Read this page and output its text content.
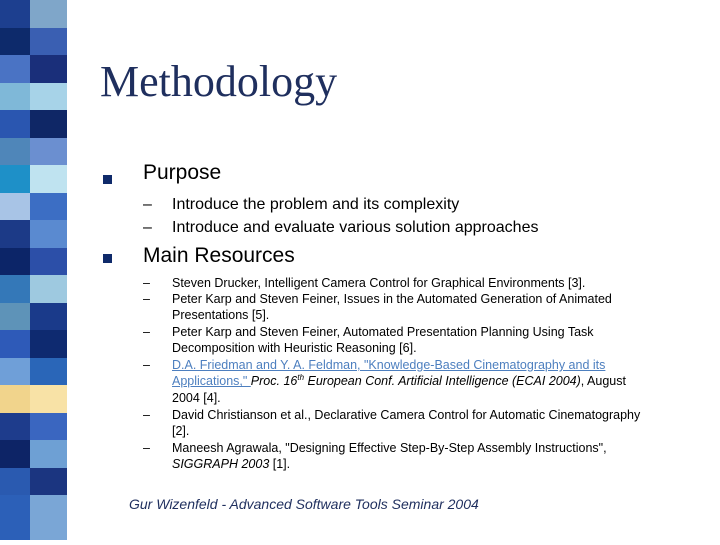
Methodology
Purpose
– Introduce the problem and its complexity
– Introduce and evaluate various solution approaches
Main Resources
–
–
–
–
–
–
Steven Drucker, Intelligent Camera Control for Graphical Environments [3].
Peter Karp and Steven Feiner, Issues in the Automated Generation of Animated
Presentations [5].
Peter Karp and Steven Feiner, Automated Presentation Planning Using Task
Decomposition with Heuristic Reasoning [6].
D.A. Friedman and Y. A. Feldman, "Knowledge-Based Cinematography and its
Applications," Proc. 16th European Conf. Artificial Intelligence (ECAI 2004), August
2004 [4].
David Christianson et al., Declarative Camera Control for Automatic Cinematography
[2].
Maneesh Agrawala, "Designing Effective Step-By-Step Assembly Instructions",
SIGGRAPH 2003 [1].
Gur Wizenfeld - Advanced Software Tools Seminar 2004
